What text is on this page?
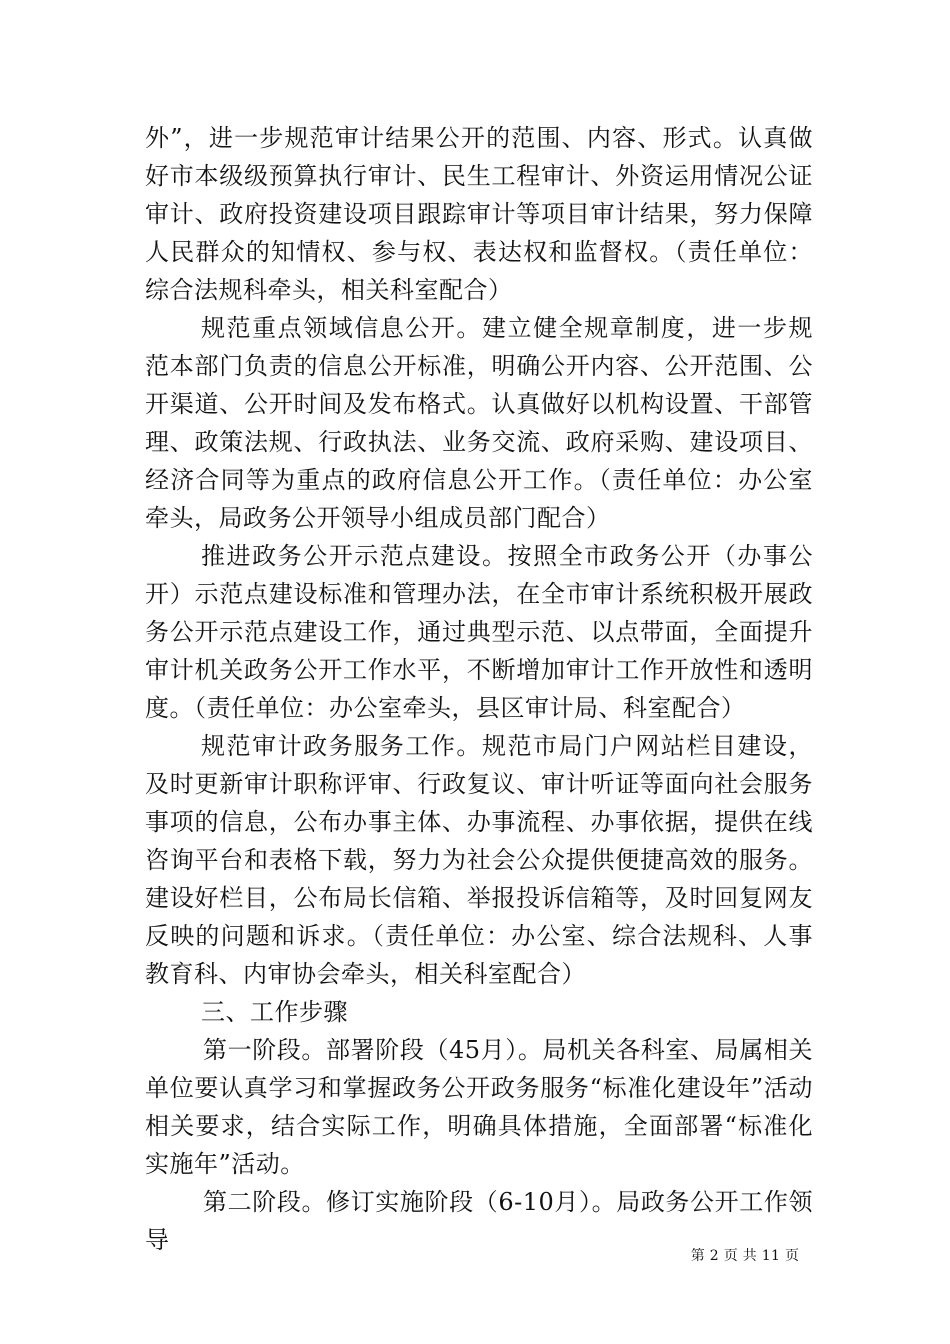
外”，进一步规范审计结果公开的范围、内容、形式。认真做好市本级级预算执行审计、民生工程审计、外资运用情况公证审计、政府投资建设项目跟踪审计等项目审计结果，努力保障人民群众的知情权、参与权、表达权和监督权。（责任单位：综合法规科牵头，相关科室配合）

规范重点领域信息公开。建立健全规章制度，进一步规范本部门负责的信息公开标准，明确公开内容、公开范围、公开渠道、公开时间及发布格式。认真做好以机构设置、干部管理、政策法规、行政执法、业务交流、政府采购、建设项目、经济合同等为重点的政府信息公开工作。（责任单位：办公室牵头，局政务公开领导小组成员部门配合）

推进政务公开示范点建设。按照全市政务公开（办事公开）示范点建设标准和管理办法，在全市审计系统积极开展政务公开示范点建设工作，通过典型示范、以点带面，全面提升审计机关政务公开工作水平，不断增加审计工作开放性和透明度。（责任单位：办公室牵头，县区审计局、科室配合）

规范审计政务服务工作。规范市局门户网站栏目建设，及时更新审计职称评审、行政复议、审计听证等面向社会服务事项的信息，公布办事主体、办事流程、办事依据，提供在线咨询平台和表格下载，努力为社会公众提供便捷高效的服务。建设好栏目，公布局长信箱、举报投诉信箱等，及时回复网友反映的问题和诉求。（责任单位：办公室、综合法规科、人事教育科、内审协会牵头，相关科室配合）

三、工作步骤

第一阶段。部署阶段（45月）。局机关各科室、局属相关单位要认真学习和掌握政务公开政务服务“标准化建设年”活动相关要求，结合实际工作，明确具体措施，全面部署“标准化实施年”活动。

第二阶段。修订实施阶段（6-10月）。局政务公开工作领导

第 2 页 共 11 页
